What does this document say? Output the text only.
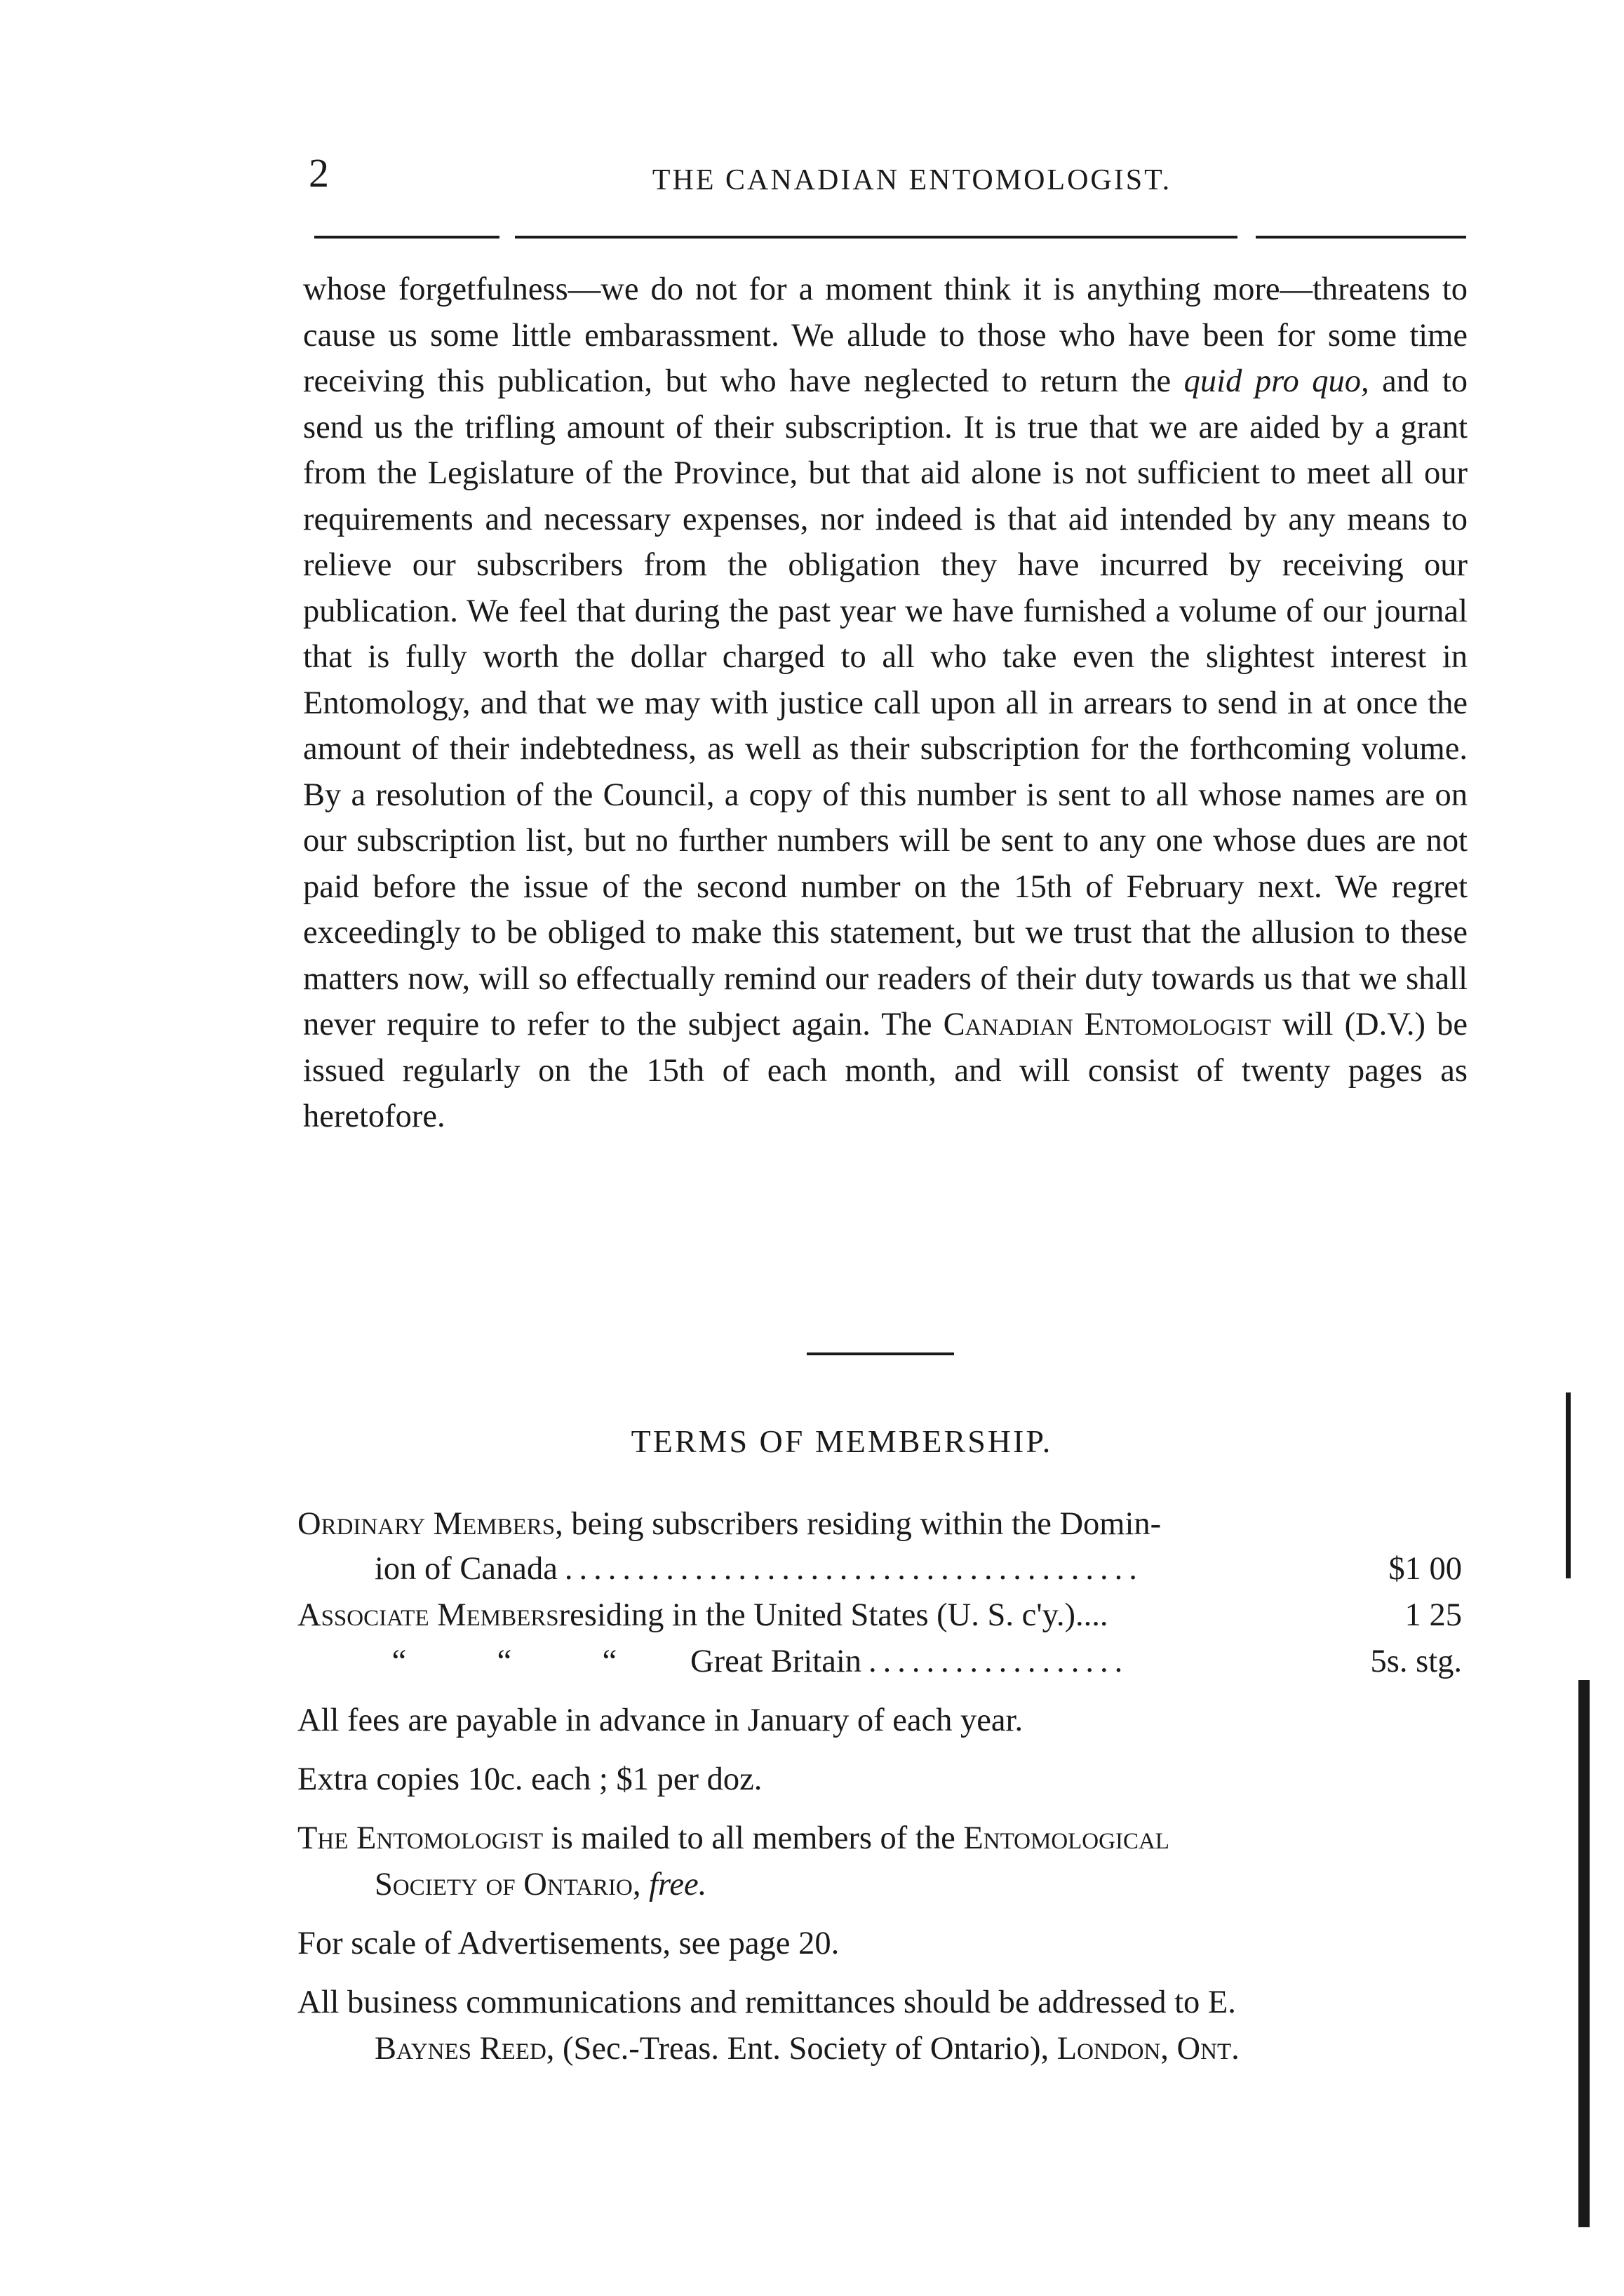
2	THE CANADIAN ENTOMOLOGIST.

whose forgetfulness—we do not for a moment think it is anything more—threatens to cause us some little embarassment. We allude to those who have been for some time receiving this publication, but who have neglected to return the quid pro quo, and to send us the trifling amount of their subscription. It is true that we are aided by a grant from the Legislature of the Province, but that aid alone is not sufficient to meet all our requirements and necessary expenses, nor indeed is that aid intended by any means to relieve our subscribers from the obligation they have incurred by receiving our publication. We feel that during the past year we have furnished a volume of our journal that is fully worth the dollar charged to all who take even the slightest interest in Entomology, and that we may with justice call upon all in arrears to send in at once the amount of their indebtedness, as well as their subscription for the forthcoming volume. By a resolution of the Council, a copy of this number is sent to all whose names are on our subscription list, but no further numbers will be sent to any one whose dues are not paid before the issue of the second number on the 15th of February next. We regret exceedingly to be obliged to make this statement, but we trust that the allusion to these matters now, will so effectually remind our readers of their duty towards us that we shall never require to refer to the subject again. The Canadian Entomologist will (D.V.) be issued regularly on the 15th of each month, and will consist of twenty pages as heretofore.

TERMS OF MEMBERSHIP.
Ordinary Members, being subscribers residing within the Domin-
ion of Canada ........................................	$1 00
Associate Members residing in the United States (U. S. c'y.)....	1 25
“	“	“	Great Britain ..................	5s. stg.
All fees are payable in advance in January of each year.
Extra copies 10c. each ; $1 per doz.
The Entomologist is mailed to all members of the Entomological
Society of Ontario, free.
For scale of Advertisements, see page 20.
All business communications and remittances should be addressed to E.
Baynes Reed, (Sec.-Treas. Ent. Society of Ontario), London, Ont.
